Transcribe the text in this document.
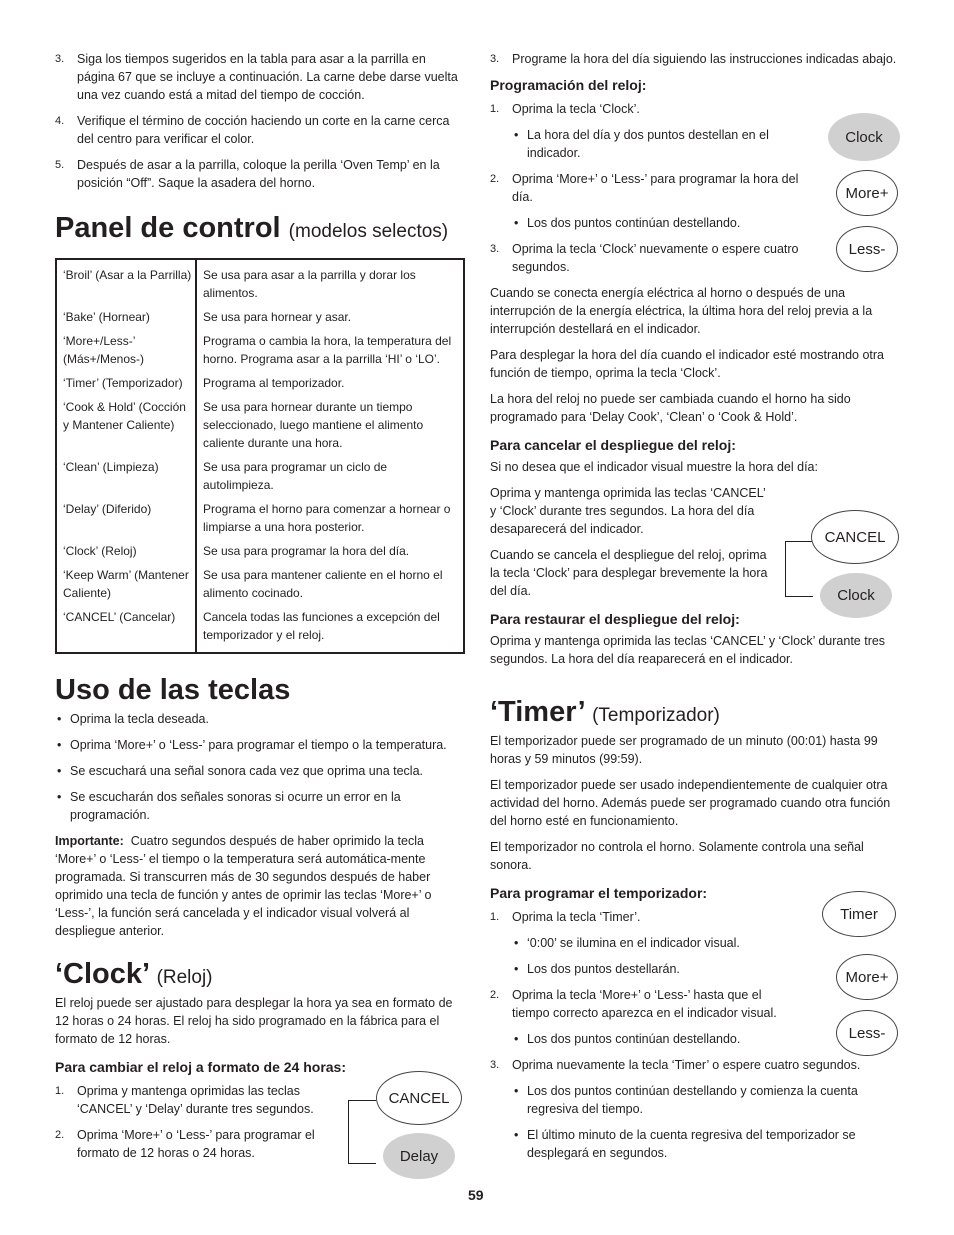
3. Siga los tiempos sugeridos en la tabla para asar a la parrilla en página 67 que se incluye a continuación. La carne debe darse vuelta una vez cuando está a mitad del tiempo de cocción.
4. Verifique el término de cocción haciendo un corte en la carne cerca del centro para verificar el color.
5. Después de asar a la parrilla, coloque la perilla ‘Oven Temp’ en la posición “Off”. Saque la asadera del horno.
Panel de control (modelos selectos)
‘Broil’ (Asar a la Parrilla)	Se usa para asar a la parrilla y dorar los alimentos.
‘Bake’ (Hornear)	Se usa para hornear y asar.
‘More+/Less-’ (Más+/Menos-)	Programa o cambia la hora, la temperatura del horno. Programa asar a la parrilla ‘HI’ o ‘LO’.
‘Timer’ (Temporizador)	Programa al temporizador.
‘Cook & Hold’ (Cocción y Mantener Caliente)	Se usa para hornear durante un tiempo seleccionado, luego mantiene el alimento caliente durante una hora.
‘Clean’ (Limpieza)	Se usa para programar un ciclo de autolimpieza.
‘Delay’ (Diferido)	Programa el horno para comenzar a hornear o limpiarse a una hora posterior.
‘Clock’ (Reloj)	Se usa para programar la hora del día.
‘Keep Warm’ (Mantener Caliente)	Se usa para mantener caliente en el horno el alimento cocinado.
‘CANCEL’ (Cancelar)	Cancela todas las funciones a excepción del temporizador y el reloj.
Uso de las teclas
• Oprima la tecla deseada.
• Oprima ‘More+’ o ‘Less-’ para programar el tiempo o la temperatura.
• Se escuchará una señal sonora cada vez que oprima una tecla.
• Se escucharán dos señales sonoras si ocurre un error en la programación.

Importante: Cuatro segundos después de haber oprimido la tecla ‘More+’ o ‘Less-’ el tiempo o la temperatura será automática-mente programada. Si transcurren más de 30 segundos después de haber oprimido una tecla de función y antes de oprimir las teclas ‘More+’ o ‘Less-’, la función será cancelada y el indicador visual volverá al despliegue anterior.

‘Clock’ (Reloj)

El reloj puede ser ajustado para desplegar la hora ya sea en formato de 12 horas o 24 horas. El reloj ha sido programado en la fábrica para el formato de 12 horas.

Para cambiar el reloj a formato de 24 horas:
1. Oprima y mantenga oprimidas las teclas ‘CANCEL’ y ‘Delay’ durante tres segundos.
2. Oprima ‘More+’ o ‘Less-’ para programar el formato de 12 horas o 24 horas.
3. Programe la hora del día siguiendo las instrucciones indicadas abajo.
Programación del reloj:
1. Oprima la tecla ‘Clock’.
• La hora del día y dos puntos destellan en el indicador.
2. Oprima ‘More+’ o ‘Less-’ para programar la hora del día.
• Los dos puntos continúan destellando.
3. Oprima la tecla ‘Clock’ nuevamente o espere cuatro segundos.

Cuando se conecta energía eléctrica al horno o después de una interrupción de la energía eléctrica, la última hora del reloj previa a la interrupción destellará en el indicador.

Para desplegar la hora del día cuando el indicador esté mostrando otra función de tiempo, oprima la tecla ‘Clock’.

La hora del reloj no puede ser cambiada cuando el horno ha sido programado para ‘Delay Cook’, ‘Clean’ o ‘Cook & Hold’.

Para cancelar el despliegue del reloj:

Si no desea que el indicador visual muestre la hora del día:

Oprima y mantenga oprimida las teclas ‘CANCEL’ y ‘Clock’ durante tres segundos. La hora del día desaparecerá del indicador.

Cuando se cancela el despliegue del reloj, oprima la tecla ‘Clock’ para desplegar brevemente la hora del día.

Para restaurar el despliegue del reloj:

Oprima y mantenga oprimida las teclas ‘CANCEL’ y ‘Clock’ durante tres segundos. La hora del día reaparecerá en el indicador.

‘Timer’ (Temporizador)

El temporizador puede ser programado de un minuto (00:01) hasta 99 horas y 59 minutos (99:59).

El temporizador puede ser usado independientemente de cualquier otra actividad del horno. Además puede ser programado cuando otra función del horno esté en funcionamiento.

El temporizador no controla el horno. Solamente controla una señal sonora.

Para programar el temporizador:
1. Oprima la tecla ‘Timer’.
• ‘0:00’ se ilumina en el indicador visual.
• Los dos puntos destellarán.
2. Oprima la tecla ‘More+’ o ‘Less-’ hasta que el tiempo correcto aparezca en el indicador visual.
• Los dos puntos continúan destellando.
3. Oprima nuevamente la tecla ‘Timer’ o espere cuatro segundos.
• Los dos puntos continúan destellando y comienza la cuenta regresiva del tiempo.
• El último minuto de la cuenta regresiva del temporizador se desplegará en segundos.
Clock
More+
Less-
CANCEL
Clock
Timer
More+
Less-
CANCEL
Delay
59
